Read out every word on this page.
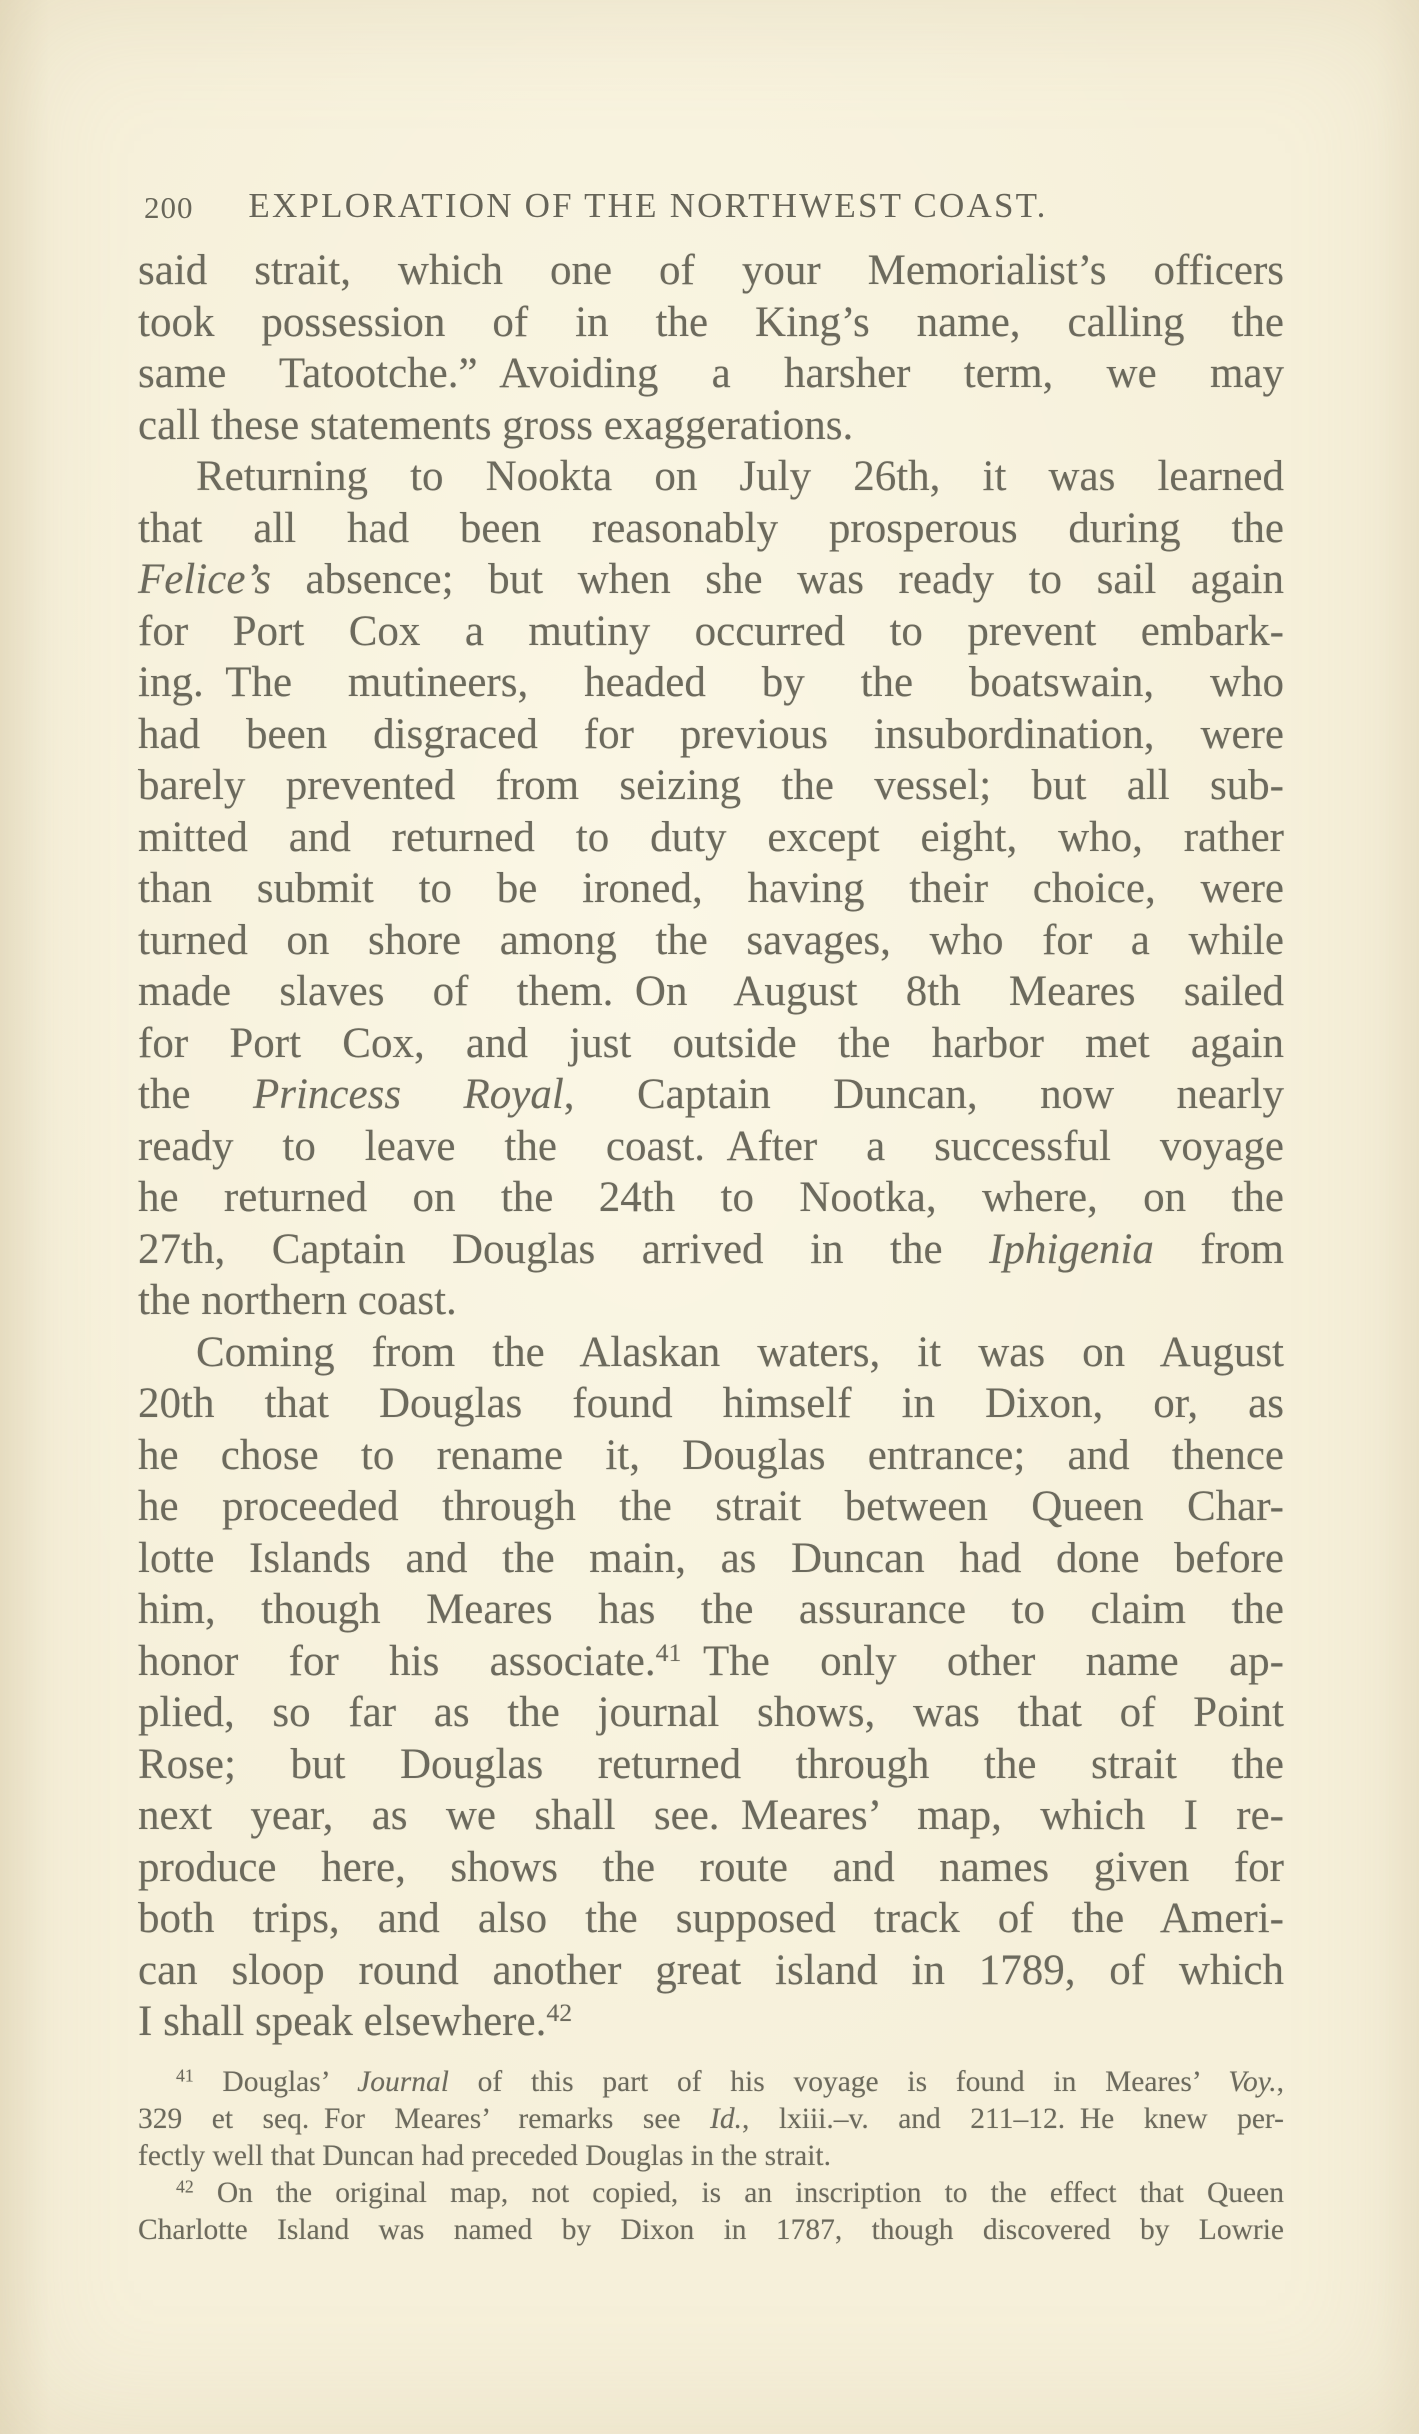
200	EXPLORATION OF THE NORTHWEST COAST.
said strait, which one of your Memorialist’s officers
took possession of in the King’s name, calling the
same Tatootche.” Avoiding a harsher term, we may
call these statements gross exaggerations.
Returning to Nookta on July 26th, it was learned
that all had been reasonably prosperous during the
Felice’s absence; but when she was ready to sail again
for Port Cox a mutiny occurred to prevent embark-
ing. The mutineers, headed by the boatswain, who
had been disgraced for previous insubordination, were
barely prevented from seizing the vessel; but all sub-
mitted and returned to duty except eight, who, rather
than submit to be ironed, having their choice, were
turned on shore among the savages, who for a while
made slaves of them. On August 8th Meares sailed
for Port Cox, and just outside the harbor met again
the Princess Royal, Captain Duncan, now nearly
ready to leave the coast. After a successful voyage
he returned on the 24th to Nootka, where, on the
27th, Captain Douglas arrived in the Iphigenia from
the northern coast.
Coming from the Alaskan waters, it was on August
20th that Douglas found himself in Dixon, or, as
he chose to rename it, Douglas entrance; and thence
he proceeded through the strait between Queen Char-
lotte Islands and the main, as Duncan had done before
him, though Meares has the assurance to claim the
honor for his associate.$^{41}$ The only other name ap-
plied, so far as the journal shows, was that of Point
Rose; but Douglas returned through the strait the
next year, as we shall see. Meares’ map, which I re-
produce here, shows the route and names given for
both trips, and also the supposed track of the Ameri-
can sloop round another great island in 1789, of which
I shall speak elsewhere.$^{42}$
$^{41}$ Douglas’ Journal of this part of his voyage is found in Meares’ Voy.,
329 et seq. For Meares’ remarks see Id., lxiii.–v. and 211–12. He knew per-
fectly well that Duncan had preceded Douglas in the strait.
$^{42}$ On the original map, not copied, is an inscription to the effect that Queen
Charlotte Island was named by Dixon in 1787, though discovered by Lowrie
